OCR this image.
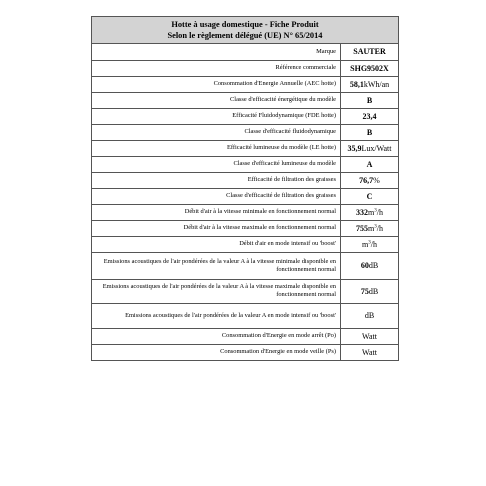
Hotte à usage domestique - Fiche Produit
Selon le règlement délégué (UE) N° 65/2014
Marque	SAUTER
Référence commerciale	SHG9502X
Consommation d'Energie Annuelle (AEC hotte)	58,1kWh/an
Classe d'efficacité énergétique du modèle	B
Efficacité Fluidodynamique (FDE hotte)	23,4
Classe d'efficacité fluidodynamique	B
Efficacité lumineuse du modèle (LE hotte)	35,9Lux/Watt
Classe d'efficacité lumineuse du modèle	A
Efficacité de filtration des graisses	76,7%
Classe d'efficacité de filtration des graisses	C
Débit d'air à la vitesse minimale en fonctionnement normal	$332m^3/h$
Débit d'air à la vitesse maximale en fonctionnement normal	$755m^3/h$
Débit d'air en mode intensif ou 'boost'	$m^3/h$
Emissions acoustiques de l'air pondérées de la valeur A à la vitesse minimale disponible en fonctionnement normal	60dB
Emissions acoustiques de l'air pondérées de la valeur A à la vitesse maximale disponible en fonctionnement normal	75dB
Emissions acoustiques de l'air pondérées de la valeur A en mode intensif ou 'boost'	dB
Consommation d'Energie en mode arrêt (Po)	Watt
Consommation d'Energie en mode veille (Ps)	Watt
